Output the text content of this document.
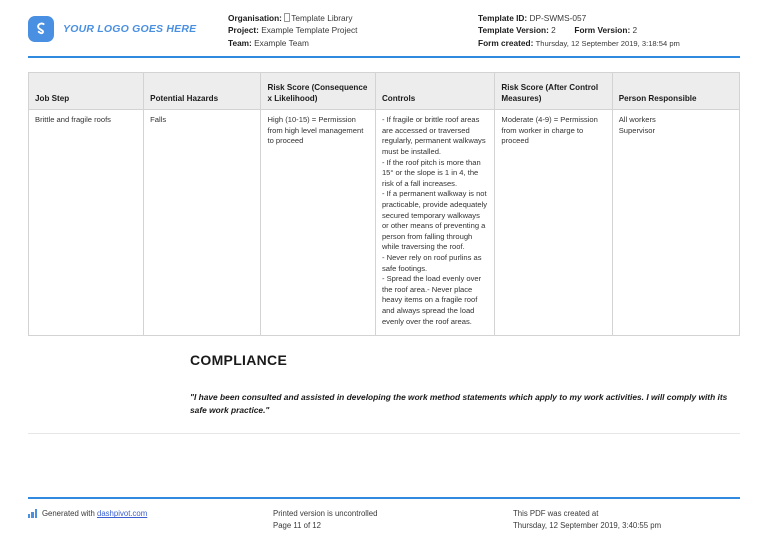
YOUR LOGO GOES HERE
Organisation: Template Library
Project: Example Template Project
Team: Example Team
Template ID: DP-SWMS-057
Template Version: 2 Form Version: 2
Form created: Thursday, 12 September 2019, 3:18:54 pm
Job Step	Potential Hazards	Risk Score (Consequence x Likelihood)	Controls	Risk Score (After Control Measures)	Person Responsible

Brittle and fragile roofs	Falls	High (10-15) = Permission from high level management to proceed	- If fragile or brittle roof areas are accessed or traversed regularly, permanent walkways must be installed.
- If the roof pitch is more than 15° or the slope is 1 in 4, the risk of a fall increases.
- If a permanent walkway is not practicable, provide adequately secured temporary walkways or other means of preventing a person from falling through while traversing the roof.
- Never rely on roof purlins as safe footings.
- Spread the load evenly over the roof area.- Never place heavy items on a fragile roof and always spread the load evenly over the roof areas.	Moderate (4-9) = Permission from worker in charge to proceed	All workers
Supervisor
COMPLIANCE
"I have been consulted and assisted in developing the work method statements which apply to my work activities. I will comply with its safe work practice."
Generated with dashpivot.com	Printed version is uncontrolled
Page 11 of 12
This PDF was created at
Thursday, 12 September 2019, 3:40:55 pm
